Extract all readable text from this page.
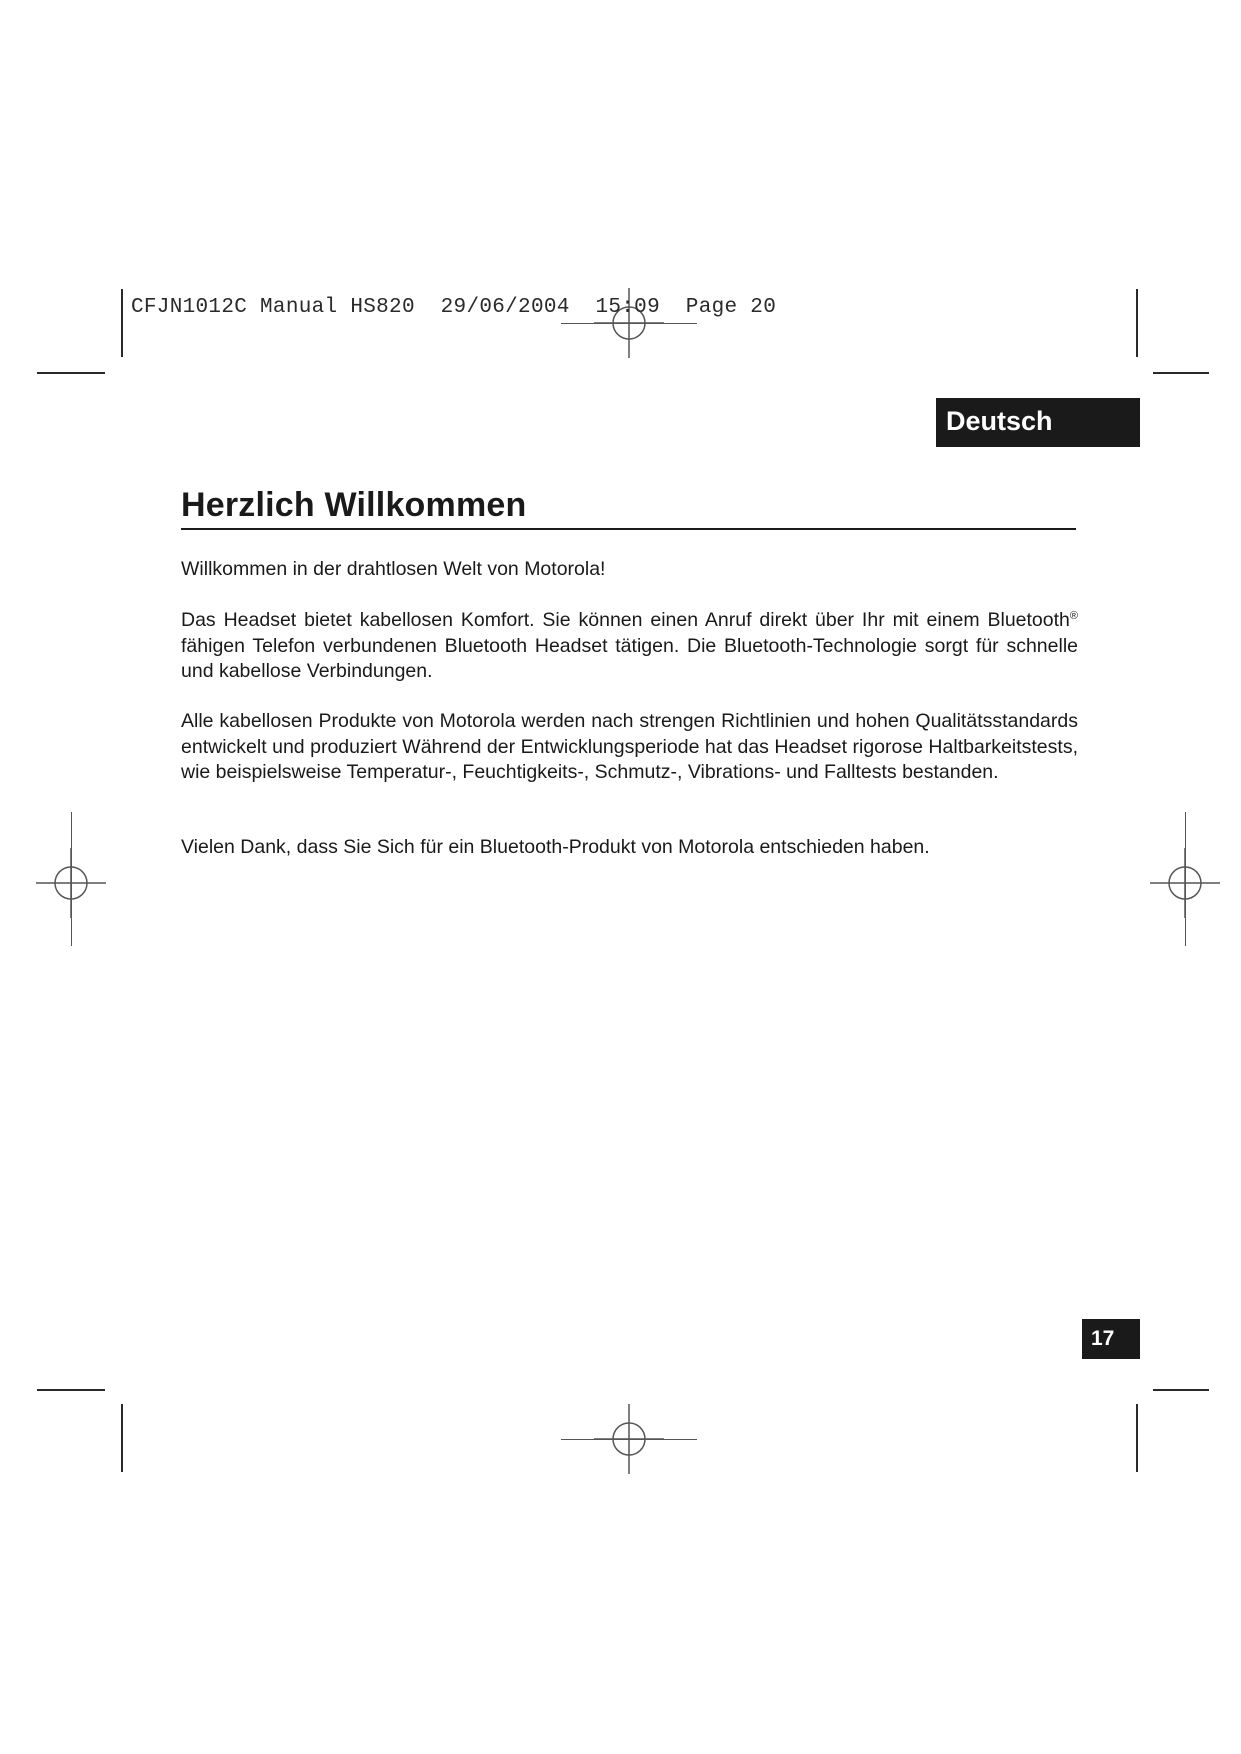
CFJN1012C Manual HS820  29/06/2004  15:09  Page 20
Deutsch
Herzlich Willkommen

Willkommen in der drahtlosen Welt von Motorola!

Das Headset bietet kabellosen Komfort. Sie können einen Anruf direkt über Ihr mit einem Bluetooth® fähigen Telefon verbundenen Bluetooth Headset tätigen. Die Bluetooth-Technologie sorgt für schnelle und kabellose Verbindungen.

Alle kabellosen Produkte von Motorola werden nach strengen Richtlinien und hohen Qualitätsstandards entwickelt und produziert Während der Entwicklungsperiode hat das Headset rigorose Haltbarkeitstests, wie beispielsweise Temperatur-, Feuchtigkeits-, Schmutz-, Vibrations- und Falltests bestanden.

Vielen Dank, dass Sie Sich für ein Bluetooth-Produkt von Motorola entschieden haben.

17
